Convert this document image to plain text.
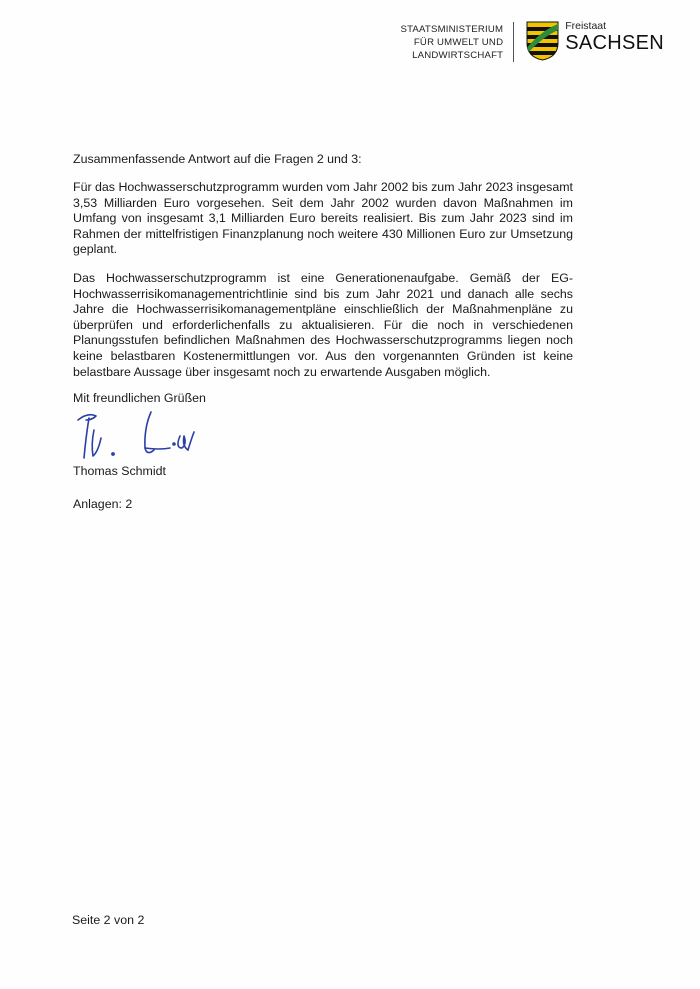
STAATSMINISTERIUM
FÜR UMWELT UND
LANDWIRTSCHAFT
Freistaat
SACHSEN
Zusammenfassende Antwort auf die Fragen 2 und 3:

Für das Hochwasserschutzprogramm wurden vom Jahr 2002 bis zum Jahr 2023 insgesamt 3,53 Milliarden Euro vorgesehen. Seit dem Jahr 2002 wurden davon Maßnahmen im Umfang von insgesamt 3,1 Milliarden Euro bereits realisiert. Bis zum Jahr 2023 sind im Rahmen der mittelfristigen Finanzplanung noch weitere 430 Millionen Euro zur Umsetzung geplant.

Das Hochwasserschutzprogramm ist eine Generationenaufgabe. Gemäß der EG-Hochwasserrisikomanagementrichtlinie sind bis zum Jahr 2021 und danach alle sechs Jahre die Hochwasserrisikomanagementpläne einschließlich der Maßnahmenpläne zu überprüfen und erforderlichenfalls zu aktualisieren. Für die noch in verschiedenen Planungsstufen befindlichen Maßnahmen des Hochwasserschutzprogramms liegen noch keine belastbaren Kostenermittlungen vor. Aus den vorgenannten Gründen ist keine belastbare Aussage über insgesamt noch zu erwartende Ausgaben möglich.

Mit freundlichen Grüßen
Thomas Schmidt
Anlagen: 2
Seite 2 von 2
